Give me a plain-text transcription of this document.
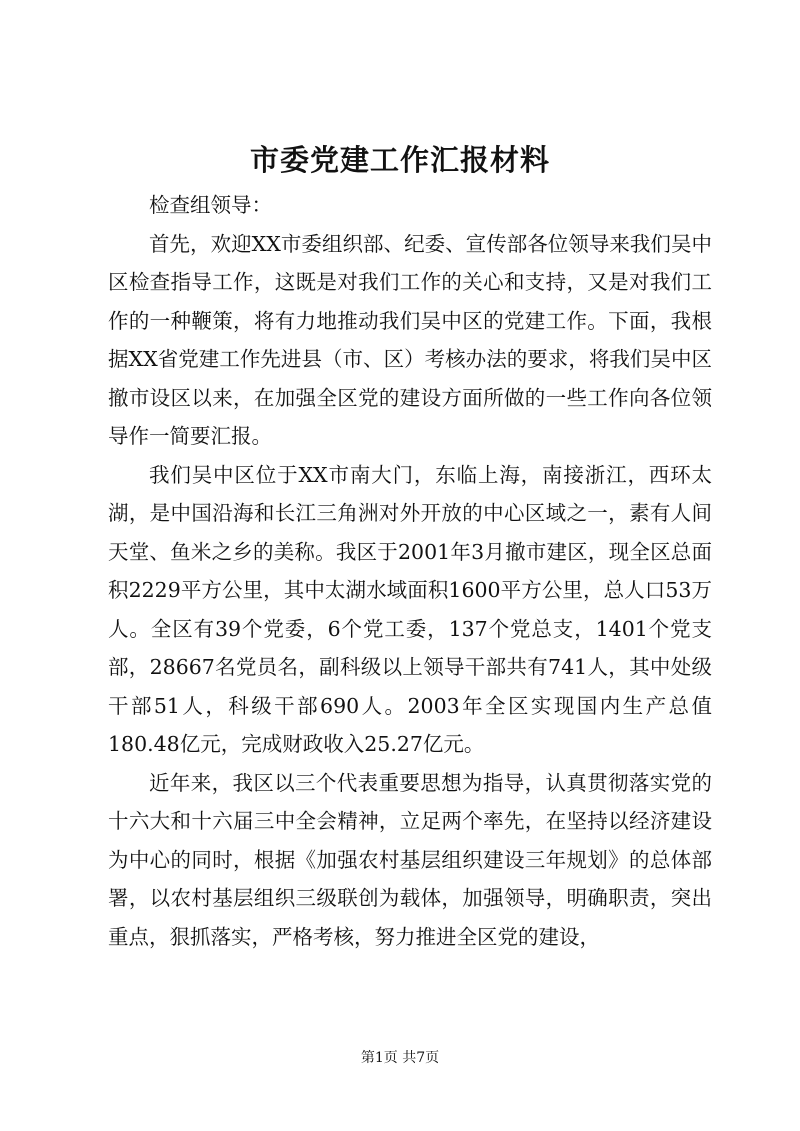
市委党建工作汇报材料

检查组领导：

首先，欢迎XX市委组织部、纪委、宣传部各位领导来我们吴中区检查指导工作，这既是对我们工作的关心和支持，又是对我们工作的一种鞭策，将有力地推动我们吴中区的党建工作。下面，我根据XX省党建工作先进县（市、区）考核办法的要求，将我们吴中区撤市设区以来，在加强全区党的建设方面所做的一些工作向各位领导作一简要汇报。

我们吴中区位于XX市南大门，东临上海，南接浙江，西环太湖，是中国沿海和长江三角洲对外开放的中心区域之一，素有人间天堂、鱼米之乡的美称。我区于2001年3月撤市建区，现全区总面积2229平方公里，其中太湖水域面积1600平方公里，总人口53万人。全区有39个党委，6个党工委，137个党总支，1401个党支部，28667名党员名，副科级以上领导干部共有741人，其中处级干部51人，科级干部690人。2003年全区实现国内生产总值180.48亿元，完成财政收入25.27亿元。

近年来，我区以三个代表重要思想为指导，认真贯彻落实党的十六大和十六届三中全会精神，立足两个率先，在坚持以经济建设为中心的同时，根据《加强农村基层组织建设三年规划》的总体部署，以农村基层组织三级联创为载体，加强领导，明确职责，突出重点，狠抓落实，严格考核，努力推进全区党的建设，

第1页 共7页
